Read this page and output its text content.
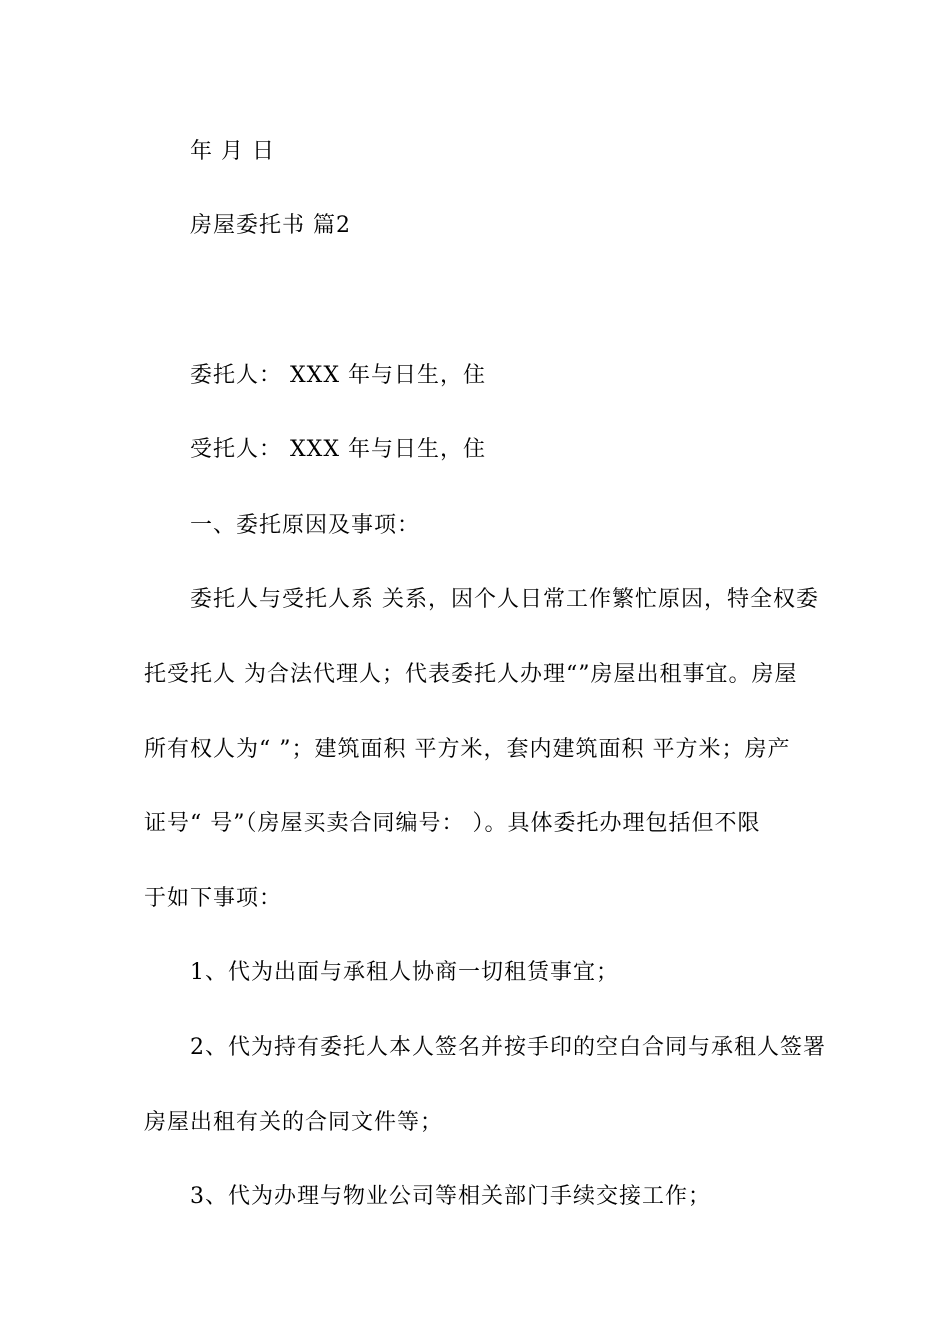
年 月 日

房屋委托书 篇2

委托人： XXX 年与日生，住

受托人： XXX 年与日生，住

一、委托原因及事项：

委托人与受托人系 关系，因个人日常工作繁忙原因，特全权委

托受托人 为合法代理人；代表委托人办理“”房屋出租事宜。房屋

所有权人为“ ”；建筑面积 平方米，套内建筑面积 平方米；房产

证号“ 号”（房屋买卖合同编号： ）。具体委托办理包括但不限

于如下事项：

1、代为出面与承租人协商一切租赁事宜；

2、代为持有委托人本人签名并按手印的空白合同与承租人签署

房屋出租有关的合同文件等；

3、代为办理与物业公司等相关部门手续交接工作；
